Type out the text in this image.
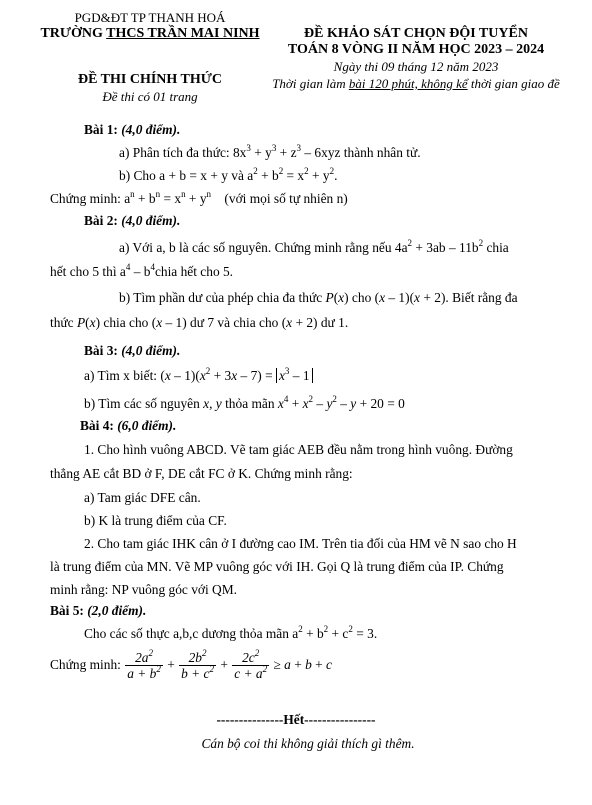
PGD&ĐT TP THANH HOÁ
TRƯỜNG THCS TRẦN MAI NINH
ĐỀ THI CHÍNH THỨC
Đề thi có 01 trang
ĐỀ KHẢO SÁT CHỌN ĐỘI TUYỂN
TOÁN 8 VÒNG II NĂM HỌC 2023 – 2024
Ngày thi 09 tháng 12 năm 2023
Thời gian làm bài 120 phút, không kể thời gian giao đề
Bài 1: (4,0 điểm).
a) Phân tích đa thức: $8x^3 + y^3 + z^3 - 6xyz$ thành nhân tử.
b) Cho a + b = x + y và $a^2 + b^2 = x^2 + y^2$.
Chứng minh: $a^n + b^n = x^n + y^n$ (với mọi số tự nhiên n)
Bài 2: (4,0 điểm).
a) Với a, b là các số nguyên. Chứng minh rằng nếu $4a^2 + 3ab - 11b^2$ chia
hết cho 5 thì $a^4$ – $b^4chia$ hết cho 5.
b) Tìm phần dư của phép chia đa thức P(x) cho (x – 1)(x + 2). Biết rằng đa
thức P(x) chia cho (x – 1) dư 7 và chia cho (x + 2) dư 1.
Bài 3: (4,0 điểm).
a) Tìm x biết: $(x - 1)(x^2 + 3x - 7) = x^3 - 1$
b) Tìm các số nguyên x, y thỏa mãn $x^4 + x^2 - y^2 - y + 20 = 0$
Bài 4: (6,0 điểm).
1. Cho hình vuông ABCD. Vẽ tam giác AEB đều nằm trong hình vuông. Đường
thẳng AE cắt BD ở F, DE cắt FC ở K. Chứng minh rằng:
a) Tam giác DFE cân.
b) K là trung điểm của CF.
2. Cho tam giác IHK cân ở I đường cao IM. Trên tia đối của HM vẽ N sao cho H
là trung điểm của MN. Vẽ MP vuông góc với IH. Gọi Q là trung điểm của IP. Chứng
minh rằng: NP vuông góc với QM.
Bài 5: (2,0 điểm).
Cho các số thực a,b,c dương thỏa mãn $a^2 + b^2 + c^2 = 3$.
Chứng minh: $\frac{2a^2}{a + b^2} + \frac{2b^2}{b + c^2} + \frac{2c^2}{c + a^2} \ge a + b + c$
---------------Hết----------------
Cán bộ coi thi không giải thích gì thêm.
